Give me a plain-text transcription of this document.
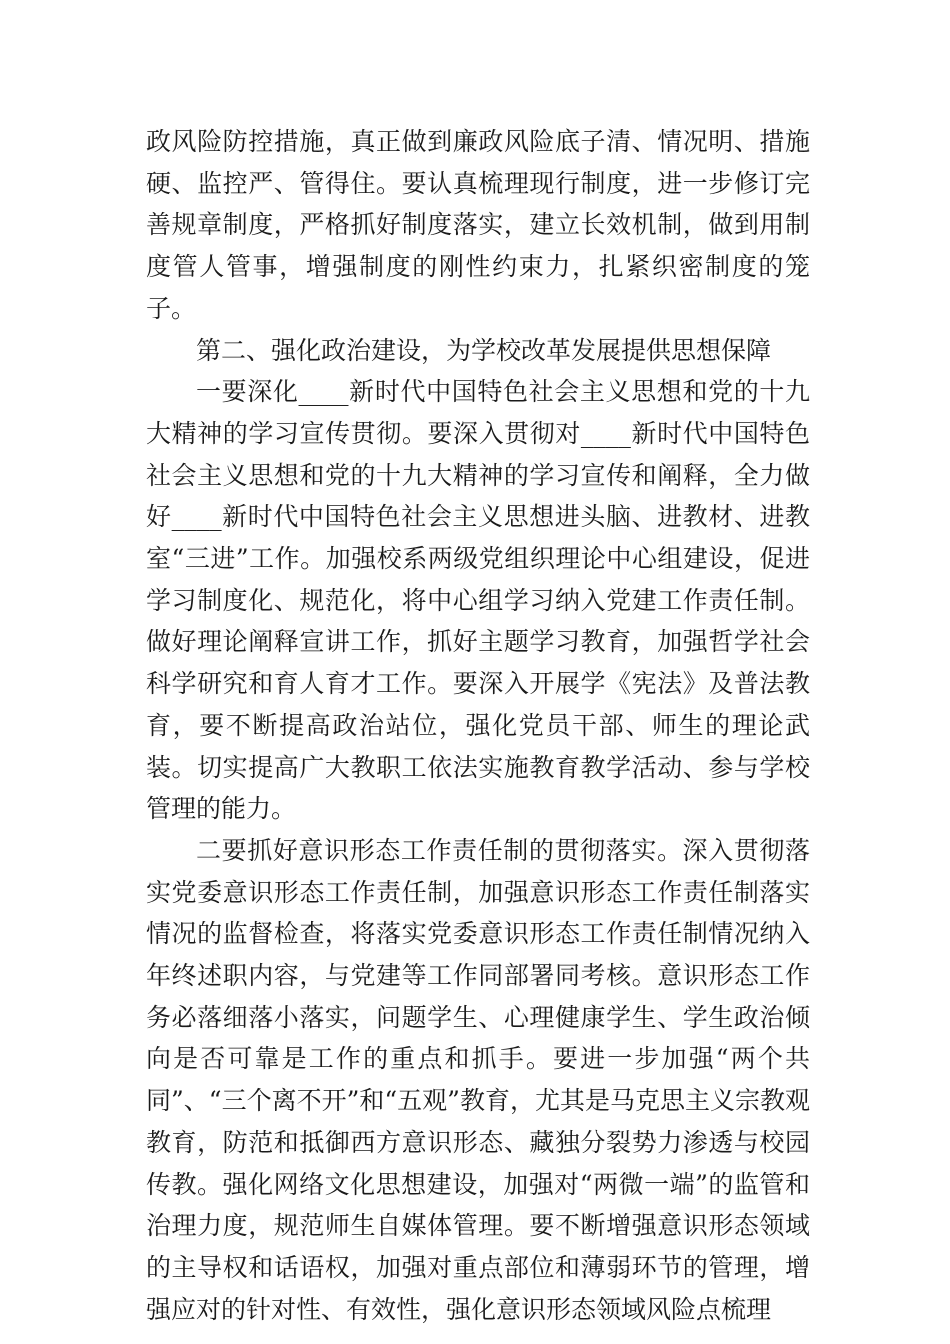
政风险防控措施，真正做到廉政风险底子清、情况明、措施硬、监控严、管得住。要认真梳理现行制度，进一步修订完善规章制度，严格抓好制度落实，建立长效机制，做到用制度管人管事，增强制度的刚性约束力，扎紧织密制度的笼子。

第二、强化政治建设，为学校改革发展提供思想保障

一要深化____新时代中国特色社会主义思想和党的十九大精神的学习宣传贯彻。要深入贯彻对____新时代中国特色社会主义思想和党的十九大精神的学习宣传和阐释，全力做好____新时代中国特色社会主义思想进头脑、进教材、进教室“三进”工作。加强校系两级党组织理论中心组建设，促进学习制度化、规范化，将中心组学习纳入党建工作责任制。做好理论阐释宣讲工作，抓好主题学习教育，加强哲学社会科学研究和育人育才工作。要深入开展学《宪法》及普法教育，要不断提高政治站位，强化党员干部、师生的理论武装。切实提高广大教职工依法实施教育教学活动、参与学校管理的能力。

二要抓好意识形态工作责任制的贯彻落实。深入贯彻落实党委意识形态工作责任制，加强意识形态工作责任制落实情况的监督检查，将落实党委意识形态工作责任制情况纳入年终述职内容，与党建等工作同部署同考核。意识形态工作务必落细落小落实，问题学生、心理健康学生、学生政治倾向是否可靠是工作的重点和抓手。要进一步加强“两个共同”、“三个离不开”和“五观”教育，尤其是马克思主义宗教观教育，防范和抵御西方意识形态、藏独分裂势力渗透与校园传教。强化网络文化思想建设，加强对“两微一端”的监管和治理力度，规范师生自媒体管理。要不断增强意识形态领域的主导权和话语权，加强对重点部位和薄弱环节的管理，增强应对的针对性、有效性，强化意识形态领域风险点梳理
